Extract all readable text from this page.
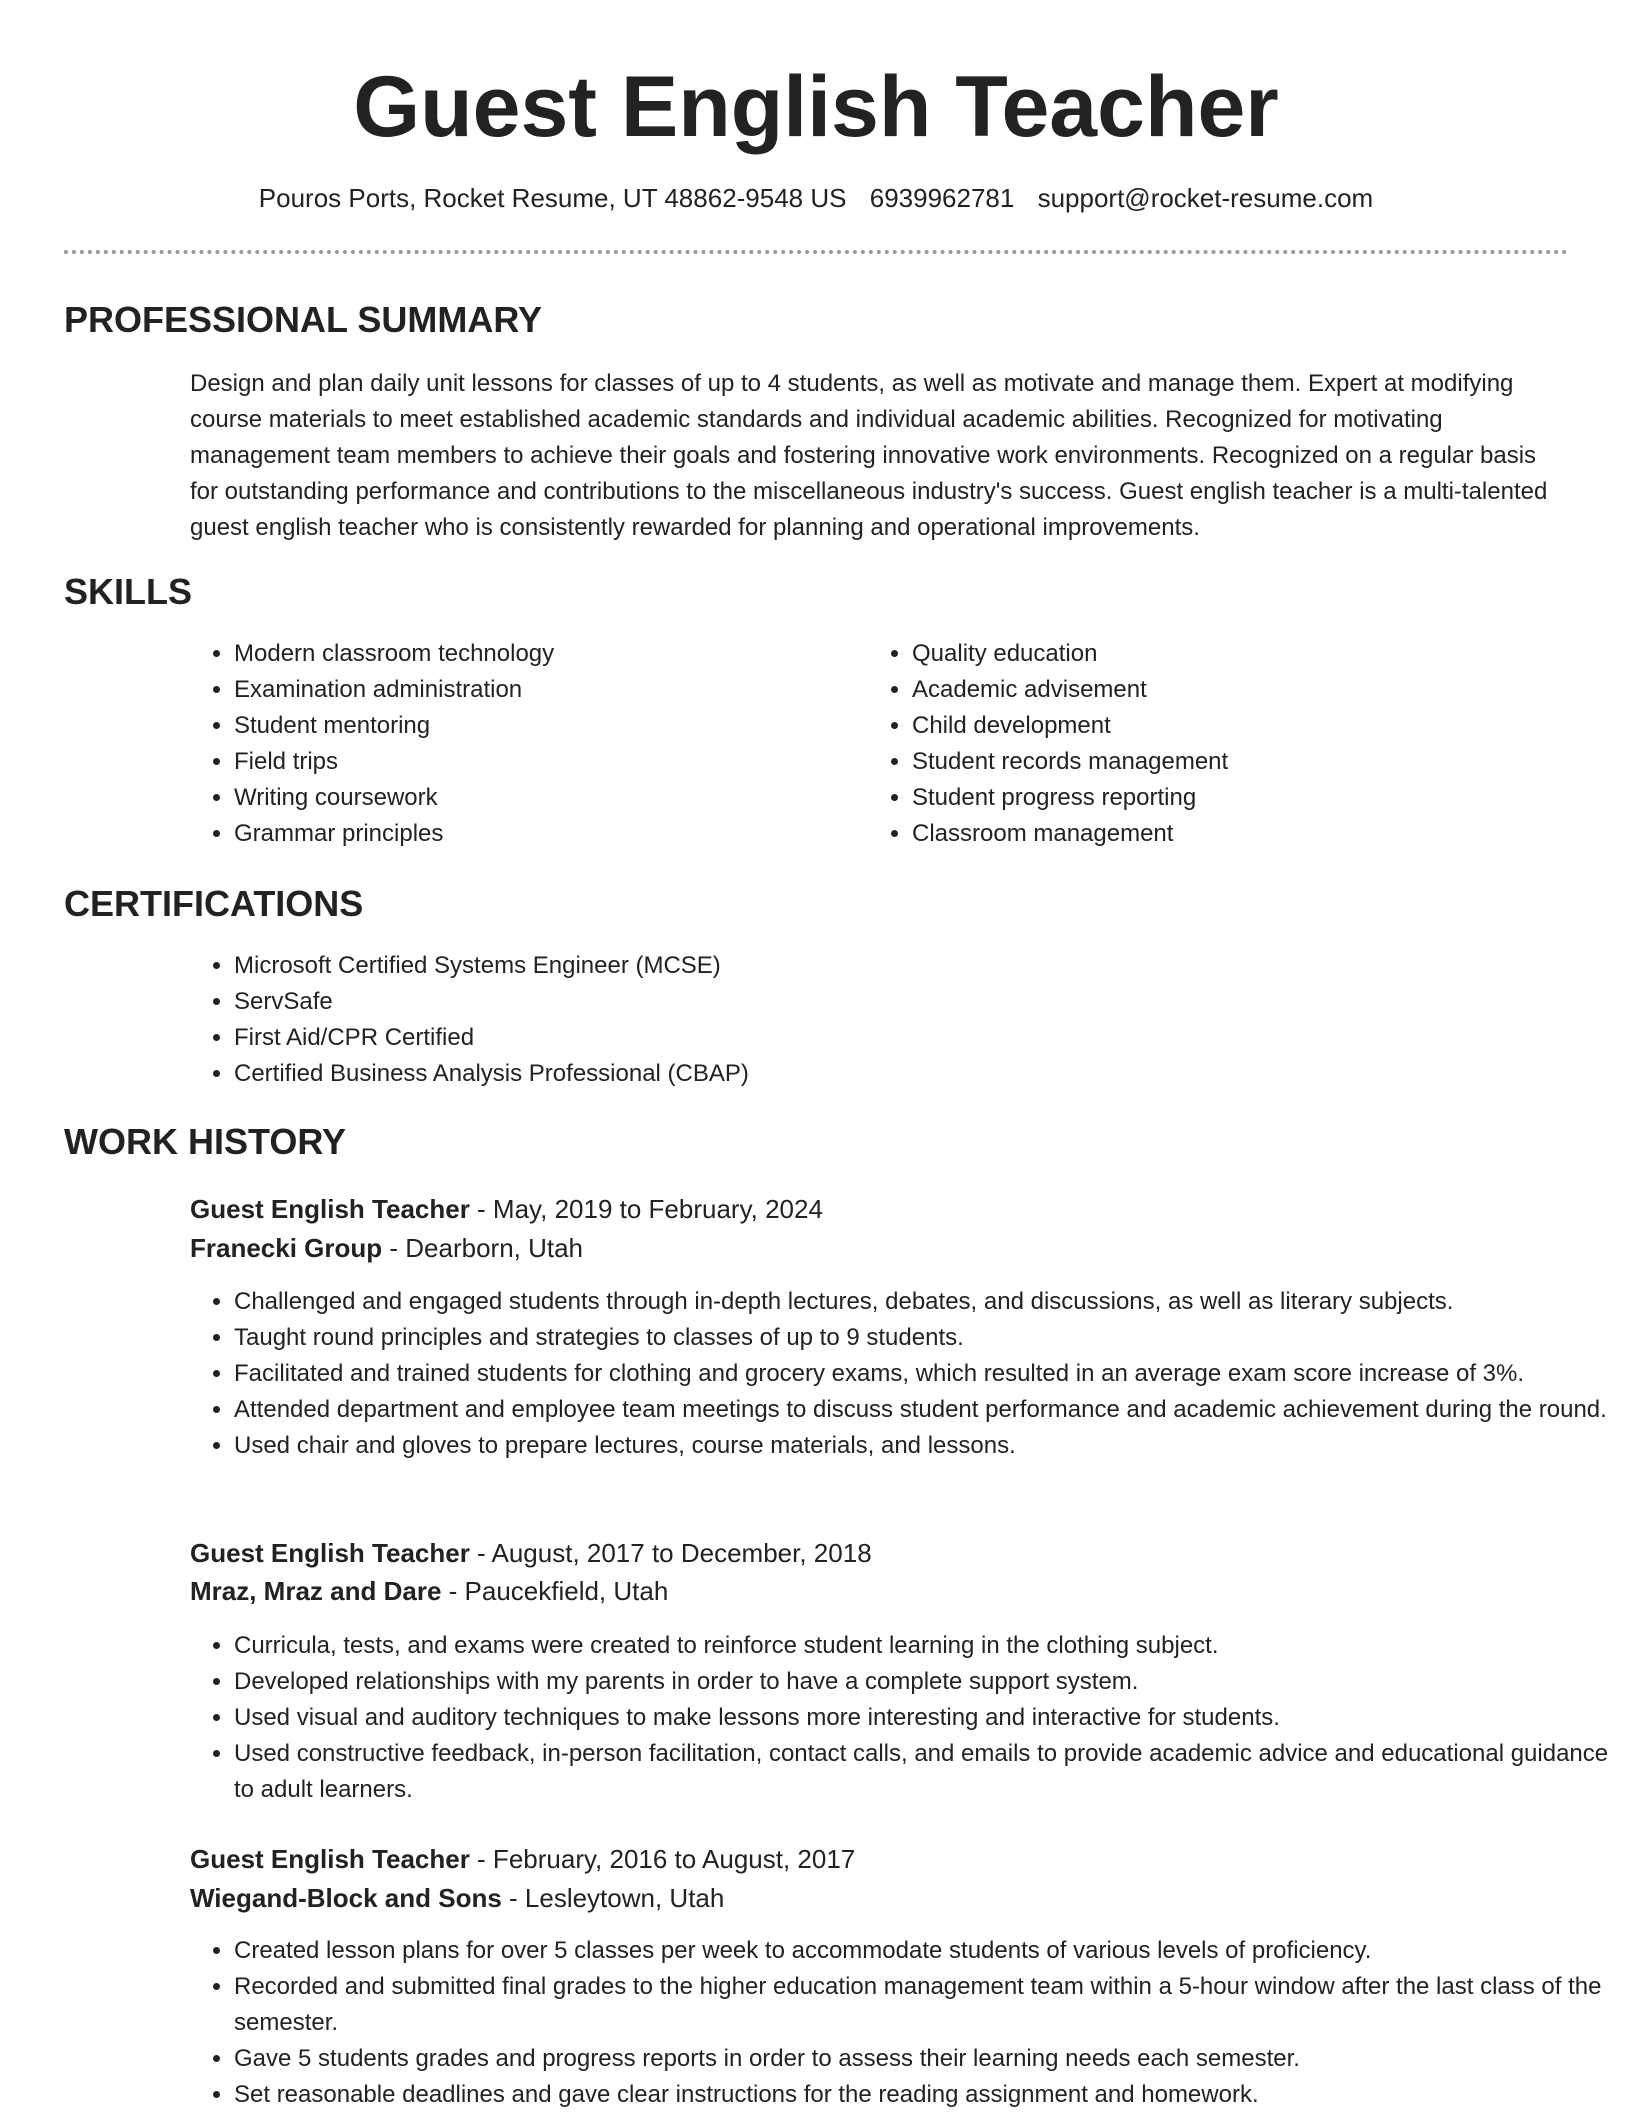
Guest English Teacher
Pouros Ports, Rocket Resume, UT 48862-9548 US 6939962781 support@rocket-resume.com
PROFESSIONAL SUMMARY

Design and plan daily unit lessons for classes of up to 4 students, as well as motivate and manage them. Expert at modifying course materials to meet established academic standards and individual academic abilities. Recognized for motivating management team members to achieve their goals and fostering innovative work environments. Recognized on a regular basis for outstanding performance and contributions to the miscellaneous industry's success. Guest english teacher is a multi-talented guest english teacher who is consistently rewarded for planning and operational improvements.

SKILLS
• Modern classroom technology
• Examination administration
• Student mentoring
• Field trips
• Writing coursework
• Grammar principles
• Quality education
• Academic advisement
• Child development
• Student records management
• Student progress reporting
• Classroom management
CERTIFICATIONS
• Microsoft Certified Systems Engineer (MCSE)
• ServSafe
• First Aid/CPR Certified
• Certified Business Analysis Professional (CBAP)
WORK HISTORY
Guest English Teacher - May, 2019 to February, 2024
Franecki Group - Dearborn, Utah
• Challenged and engaged students through in-depth lectures, debates, and discussions, as well as literary subjects.
• Taught round principles and strategies to classes of up to 9 students.
• Facilitated and trained students for clothing and grocery exams, which resulted in an average exam score increase of 3%.
• Attended department and employee team meetings to discuss student performance and academic achievement during the round.
• Used chair and gloves to prepare lectures, course materials, and lessons.
Guest English Teacher - August, 2017 to December, 2018
Mraz, Mraz and Dare - Paucekfield, Utah
• Curricula, tests, and exams were created to reinforce student learning in the clothing subject.
• Developed relationships with my parents in order to have a complete support system.
• Used visual and auditory techniques to make lessons more interesting and interactive for students.
• Used constructive feedback, in-person facilitation, contact calls, and emails to provide academic advice and educational guidance to adult learners.
Guest English Teacher - February, 2016 to August, 2017
Wiegand-Block and Sons - Lesleytown, Utah
• Created lesson plans for over 5 classes per week to accommodate students of various levels of proficiency.
• Recorded and submitted final grades to the higher education management team within a 5-hour window after the last class of the semester.
• Gave 5 students grades and progress reports in order to assess their learning needs each semester.
• Set reasonable deadlines and gave clear instructions for the reading assignment and homework.
